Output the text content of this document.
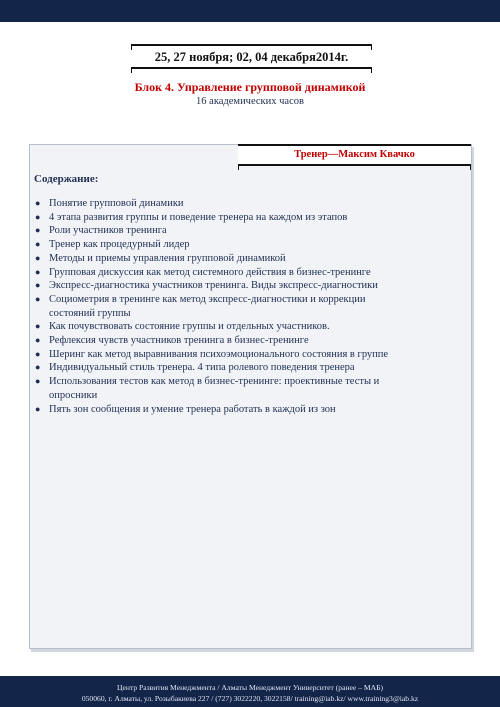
25, 27 ноября; 02, 04 декабря2014г.
Блок 4. Управление групповой динамикой
16 академических часов
Тренер—Максим Квачко
Содержание:
● Понятие групповой динамики
● 4 этапа развития группы и поведение тренера на каждом из этапов
● Роли участников тренинга
● Тренер как процедурный лидер
● Методы и приемы управления групповой динамикой
● Групповая дискуссия как метод системного действия в бизнес-тренинге
● Экспресс-диагностика участников тренинга. Виды экспресс-диагностики
● Социометрия в тренинге как метод экспресс-диагностики и коррекции
состояний группы
● Как почувствовать состояние группы и отдельных участников.
● Рефлексия чувств участников тренинга в бизнес-тренинге
● Шеринг как метод выравнивания психоэмоционального состояния в группе
● Индивидуальный стиль тренера. 4 типа ролевого поведения тренера
● Использования тестов как метод в бизнес-тренинге: проективные тесты и
опросники
● Пять зон сообщения и умение тренера работать в каждой из зон
Центр Развития Менеджмента / Алматы Менеджмент Университет (ранее – МАБ)
050060, г. Алматы, ул. Розыбакиева 227 / (727) 3022220, 3022158/ training@iab.kz/ www.training3@iab.kz
